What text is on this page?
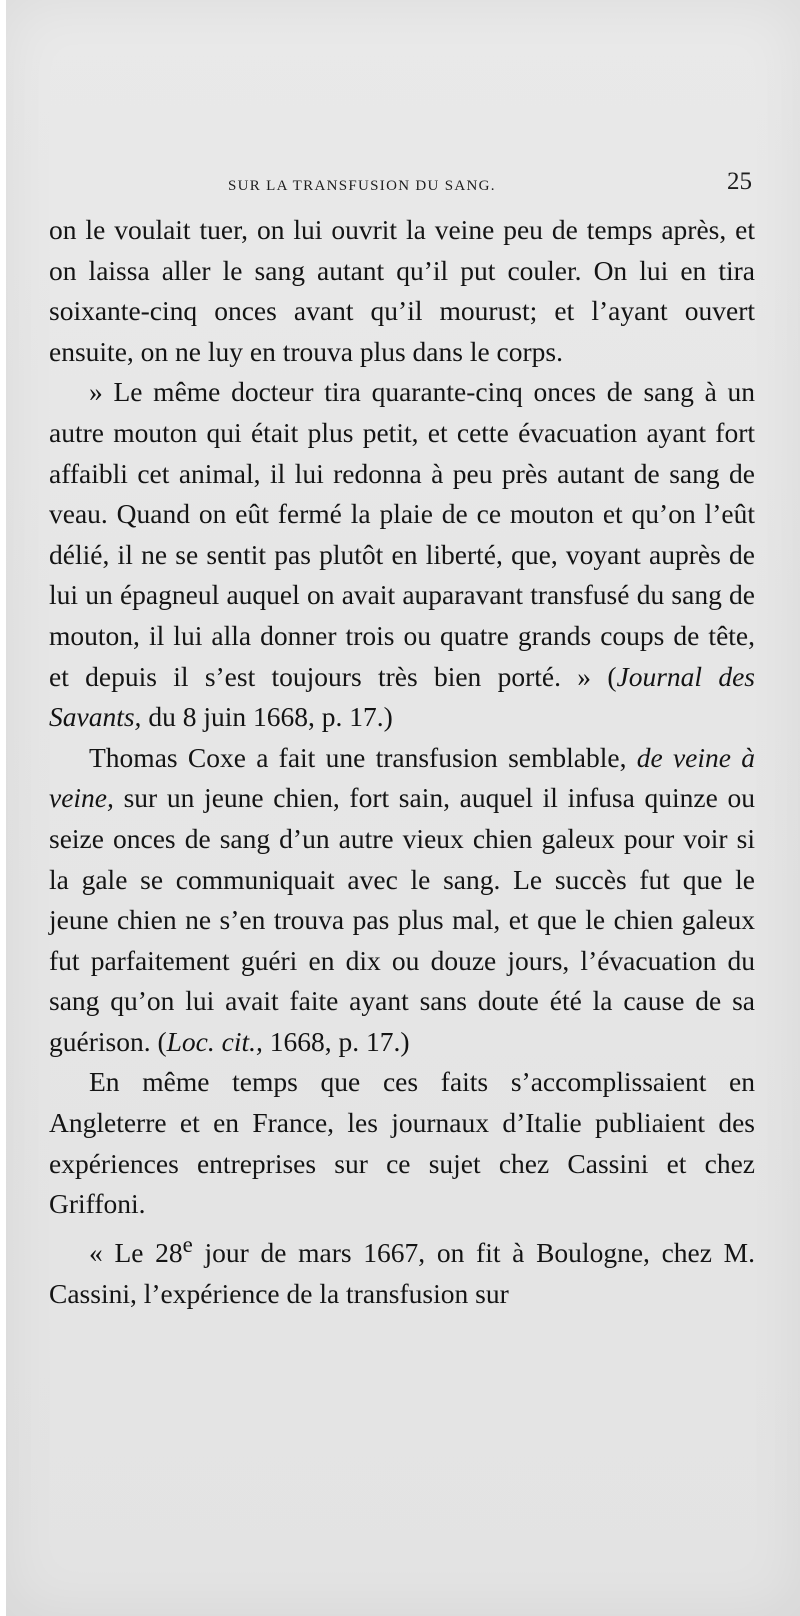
SUR LA TRANSFUSION DU SANG.	25

on le voulait tuer, on lui ouvrit la veine peu de temps après, et on laissa aller le sang autant qu’il put couler. On lui en tira soixante-cinq onces avant qu’il mourust; et l’ayant ouvert ensuite, on ne luy en trouva plus dans le corps.

» Le même docteur tira quarante-cinq onces de sang à un autre mouton qui était plus petit, et cette évacuation ayant fort affaibli cet animal, il lui redonna à peu près autant de sang de veau. Quand on eût fermé la plaie de ce mouton et qu’on l’eût délié, il ne se sentit pas plutôt en liberté, que, voyant auprès de lui un épagneul auquel on avait auparavant transfusé du sang de mouton, il lui alla donner trois ou quatre grands coups de tête, et depuis il s’est toujours très bien porté. » (Journal des Savants, du 8 juin 1668, p. 17.)

Thomas Coxe a fait une transfusion semblable, de veine à veine, sur un jeune chien, fort sain, auquel il infusa quinze ou seize onces de sang d’un autre vieux chien galeux pour voir si la gale se communiquait avec le sang. Le succès fut que le jeune chien ne s’en trouva pas plus mal, et que le chien galeux fut parfaitement guéri en dix ou douze jours, l’évacuation du sang qu’on lui avait faite ayant sans doute été la cause de sa guérison. (Loc. cit., 1668, p. 17.)

En même temps que ces faits s’accomplissaient en Angleterre et en France, les journaux d’Italie publiaient des expériences entreprises sur ce sujet chez Cassini et chez Griffoni.

« Le 28e jour de mars 1667, on fit à Boulogne, chez M. Cassini, l’expérience de la transfusion sur
